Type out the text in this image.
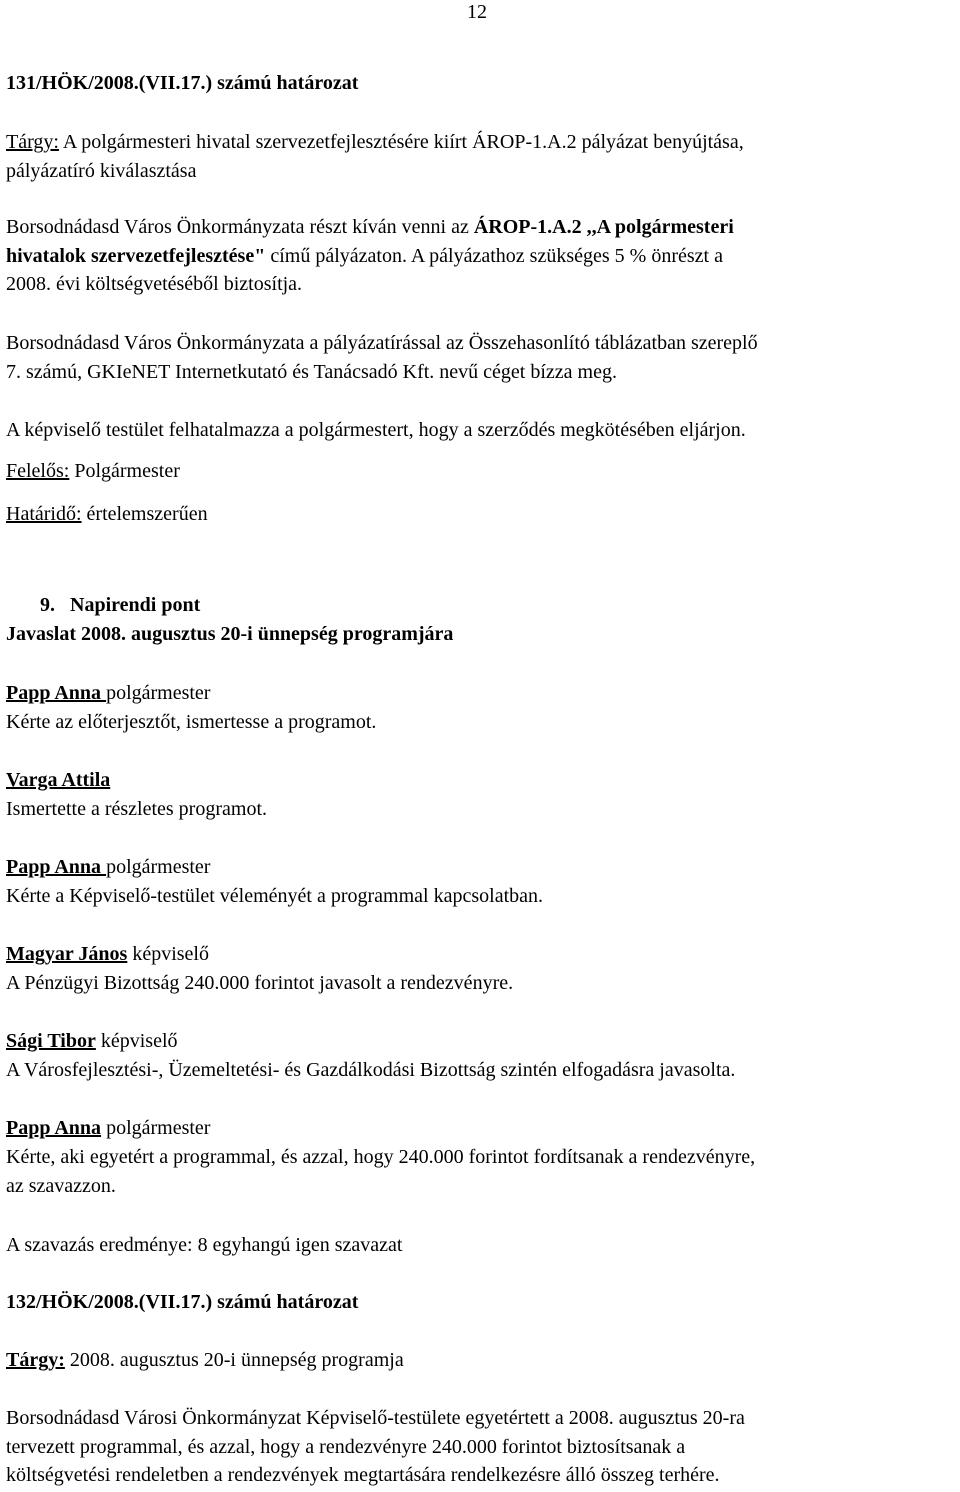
12
131/HÖK/2008.(VII.17.) számú határozat
Tárgy: A polgármesteri hivatal szervezetfejlesztésére kiírt ÁROP-1.A.2 pályázat benyújtása,
pályázatíró kiválasztása
Borsodnádasd Város Önkormányzata részt kíván venni az ÁROP-1.A.2 ,,A polgármesteri
hivatalok szervezetfejlesztése" című pályázaton. A pályázathoz szükséges 5 % önrészt a
2008. évi költségvetéséből biztosítja.
Borsodnádasd Város Önkormányzata a pályázatírással az Összehasonlító táblázatban szereplő
7. számú, GKIeNET Internetkutató és Tanácsadó Kft. nevű céget bízza meg.
A képviselő testület felhatalmazza a polgármestert, hogy a szerződés megkötésében eljárjon.
Felelős: Polgármester
Határidő: értelemszerűen
9.   Napirendi pont
Javaslat 2008. augusztus 20-i ünnepség programjára
Papp Anna polgármester
Kérte az előterjesztőt, ismertesse a programot.
Varga Attila
Ismertette a részletes programot.
Papp Anna polgármester
Kérte a Képviselő-testület véleményét a programmal kapcsolatban.
Magyar János képviselő
A Pénzügyi Bizottság 240.000 forintot javasolt a rendezvényre.
Sági Tibor képviselő
A Városfejlesztési-, Üzemeltetési- és Gazdálkodási Bizottság szintén elfogadásra javasolta.
Papp Anna polgármester
Kérte, aki egyetért a programmal, és azzal, hogy 240.000 forintot fordítsanak a rendezvényre,
az szavazzon.
A szavazás eredménye: 8 egyhangú igen szavazat
132/HÖK/2008.(VII.17.) számú határozat
Tárgy: 2008. augusztus 20-i ünnepség programja
Borsodnádasd Városi Önkormányzat Képviselő-testülete egyetértett a 2008. augusztus 20-ra
tervezett programmal, és azzal, hogy a rendezvényre 240.000 forintot biztosítsanak a
költségvetési rendeletben a rendezvények megtartására rendelkezésre álló összeg terhére.
